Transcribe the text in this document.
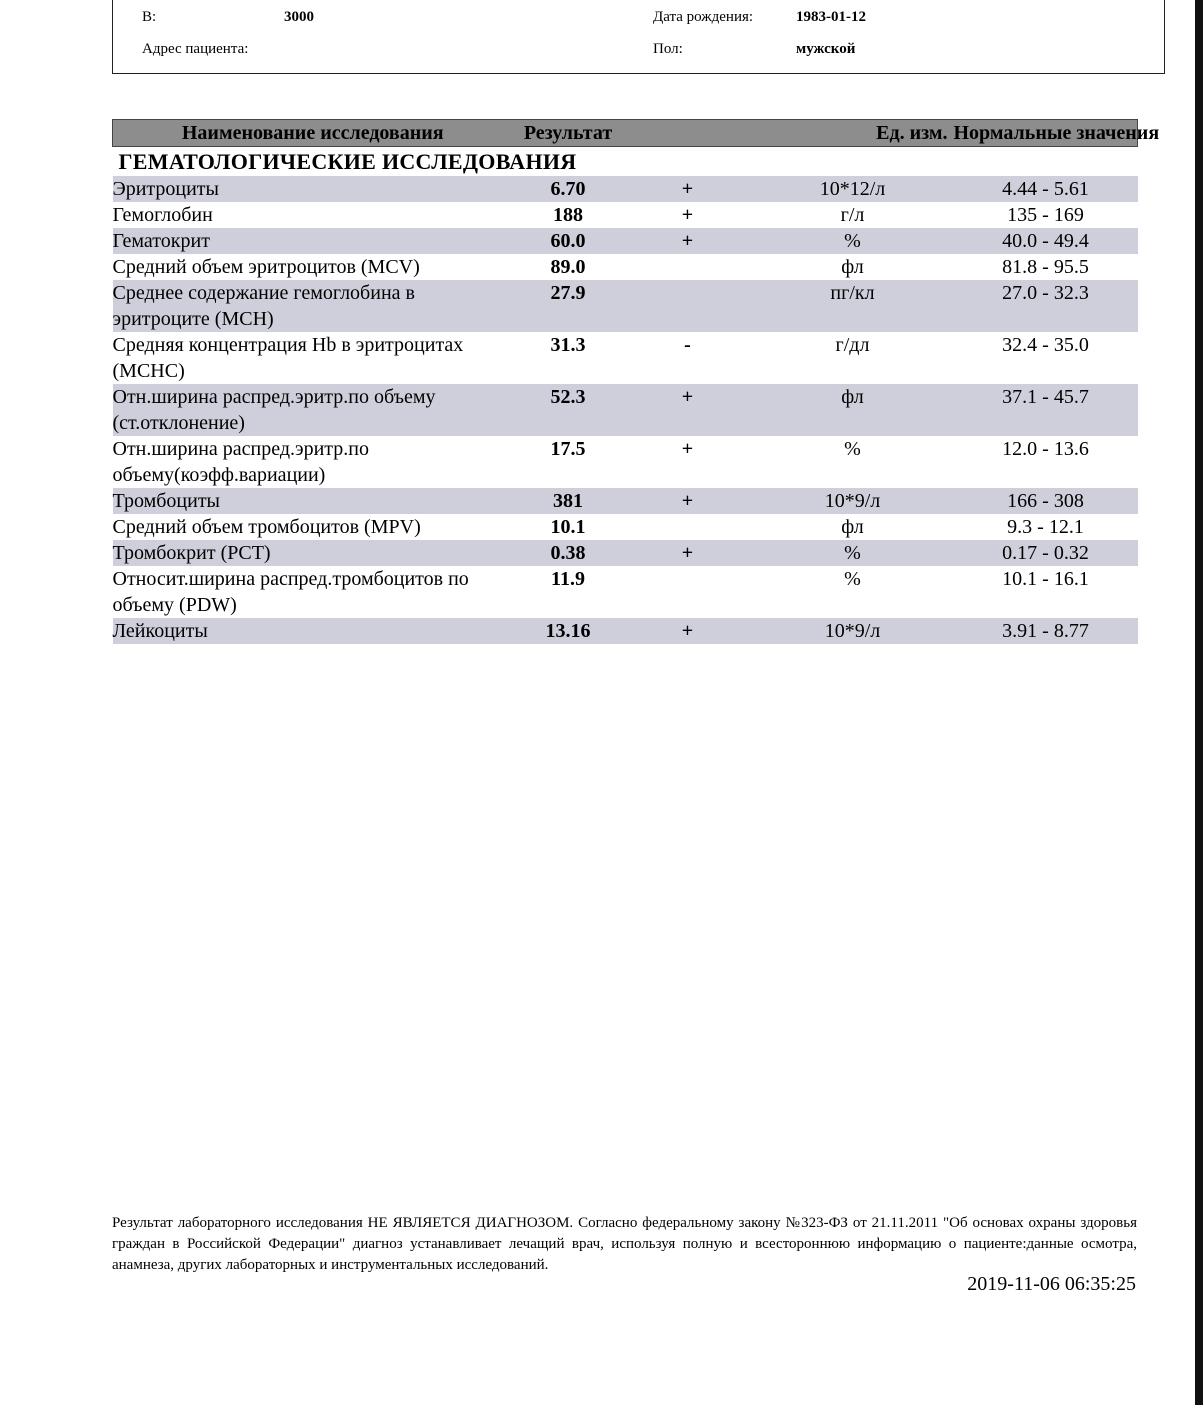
В:	3000
Адрес пациента:
Дата рождения:	1983-01-12
Пол:	мужской
Наименование исследования	Результат		Ед. изм.	Нормальные значения
ГЕМАТОЛОГИЧЕСКИЕ ИССЛЕДОВАНИЯ				
Эритроциты	6.70	+	10*12/л	4.44 - 5.61
Гемоглобин	188	+	г/л	135 - 169
Гематокрит	60.0	+	%	40.0 - 49.4
Средний объем эритроцитов (MCV)	89.0		фл	81.8 - 95.5
Среднее содержание гемоглобина в эритроците (MCH)	27.9		пг/кл	27.0 - 32.3
Средняя концентрация Hb в эритроцитах (MCHC)	31.3	-	г/дл	32.4 - 35.0
Отн.ширина распред.эритр.по объему (ст.отклонение)	52.3	+	фл	37.1 - 45.7
Отн.ширина распред.эритр.по объему(коэфф.вариации)	17.5	+	%	12.0 - 13.6
Тромбоциты	381	+	10*9/л	166 - 308
Средний объем тромбоцитов (MPV)	10.1		фл	9.3 - 12.1
Тромбокрит (PCT)	0.38	+	%	0.17 - 0.32
Относит.ширина распред.тромбоцитов по объему (PDW)	11.9		%	10.1 - 16.1
Лейкоциты	13.16	+	10*9/л	3.91 - 8.77
Результат лабораторного исследования НЕ ЯВЛЯЕТСЯ ДИАГНОЗОМ. Согласно федеральному закону №323-ФЗ от 21.11.2011 "Об основах охраны здоровья граждан в Российской Федерации" диагноз устанавливает лечащий врач, используя полную и всестороннюю информацию о пациенте:данные осмотра, анамнеза, других лабораторных и инструментальных исследований.
2019-11-06 06:35:25
